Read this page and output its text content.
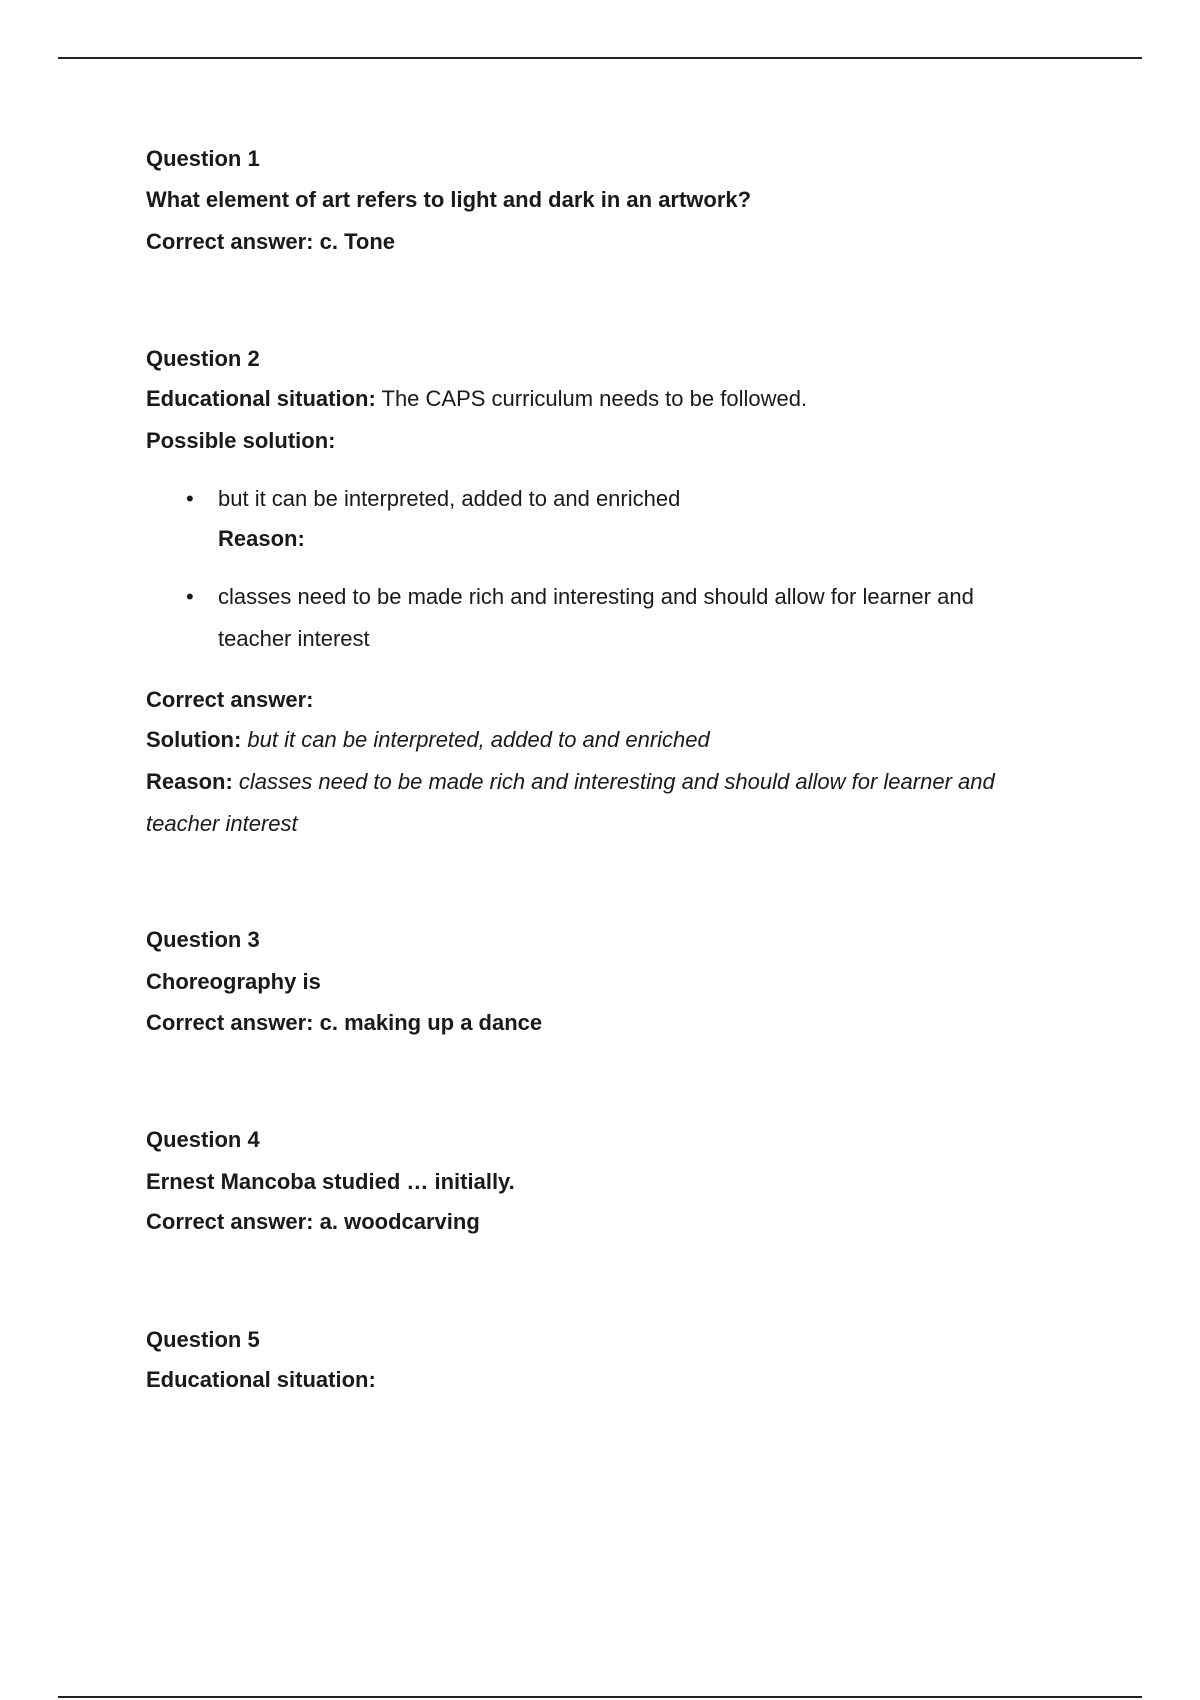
Question 1
What element of art refers to light and dark in an artwork?
Correct answer: c. Tone
Question 2
Educational situation: The CAPS curriculum needs to be followed.
Possible solution:
• but it can be interpreted, added to and enriched
Reason:
• classes need to be made rich and interesting and should allow for learner and
teacher interest
Correct answer:
Solution: but it can be interpreted, added to and enriched
Reason: classes need to be made rich and interesting and should allow for learner and
teacher interest
Question 3
Choreography is
Correct answer: c. making up a dance
Question 4
Ernest Mancoba studied … initially.
Correct answer: a. woodcarving
Question 5
Educational situation:
